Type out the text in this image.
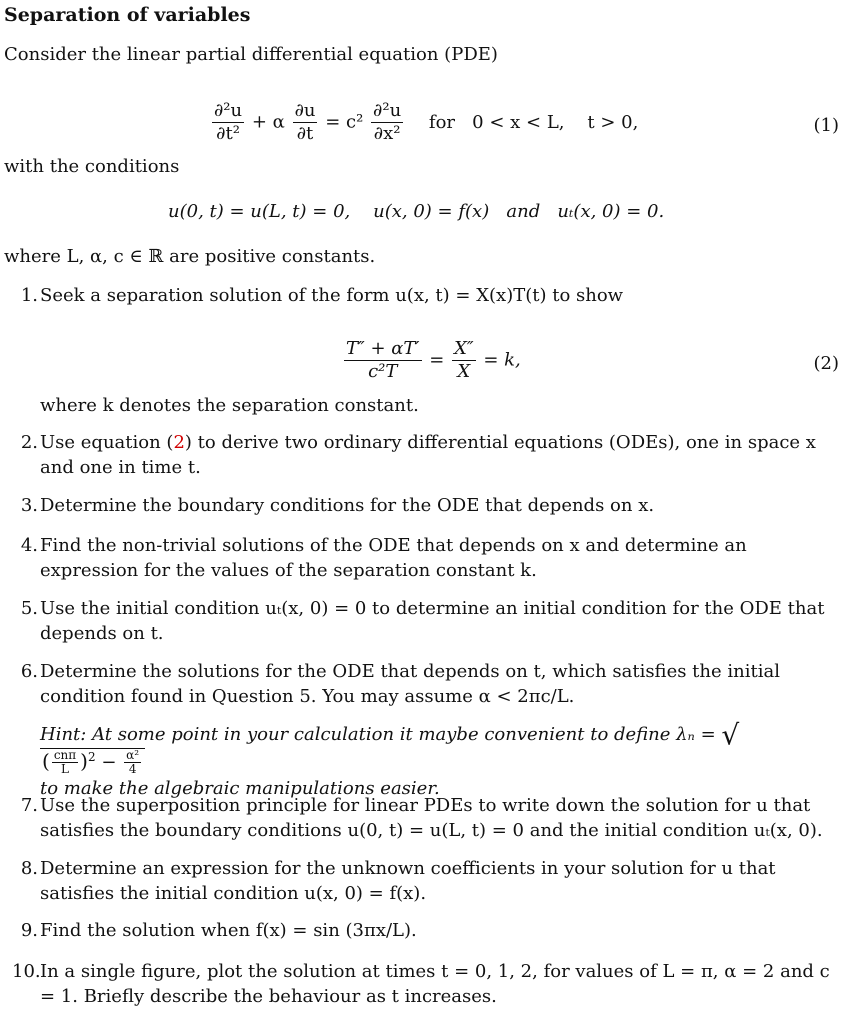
Separation of variables
Consider the linear partial differential equation (PDE)
$\frac{\text{∂²u}}{\text{∂t²}} + \alpha \frac{\partial u}{\partial t} = c^2 \frac{\text{∂²u}}{\text{∂x²}}$ for   0 < x < L,    t > 0,	(1)
with the conditions
u(0, t) = u(L, t) = 0,    u(x, 0) = f(x)   and   uₜ(x, 0) = 0.
where L, α, c ∈ ℝ are positive constants.
1. Seek a separation solution of the form u(x, t) = X(x)T(t) to show
$\frac{T'' + \alpha T'}{\text{c²T}} = \frac{X''}{X} = k$,	(2)
where k denotes the separation constant.
2. Use equation (2) to derive two ordinary differential equations (ODEs), one in space x and one in time t.
3. Determine the boundary conditions for the ODE that depends on x.
4. Find the non-trivial solutions of the ODE that depends on x and determine an expression for the values of the separation constant k.
5. Use the initial condition uₜ(x, 0) = 0 to determine an initial condition for the ODE that depends on t.
6. Determine the solutions for the ODE that depends on t, which satisfies the initial condition found in Question 5. You may assume α < 2πc/L.
Hint: At some point in your calculation it maybe convenient to define λₙ = √( $\frac{\text{cnπ}}{L} )^2 - \frac{\text{α²}}{4}$
to make the algebraic manipulations easier.
7. Use the superposition principle for linear PDEs to write down the solution for u that satisfies the boundary conditions u(0, t) = u(L, t) = 0 and the initial condition uₜ(x, 0).
8. Determine an expression for the unknown coefficients in your solution for u that satisfies the initial condition u(x, 0) = f(x).
9. Find the solution when f(x) = sin (3πx/L).
10. In a single figure, plot the solution at times t = 0, 1, 2, for values of L = π, α = 2 and c = 1. Briefly describe the behaviour as t increases.
